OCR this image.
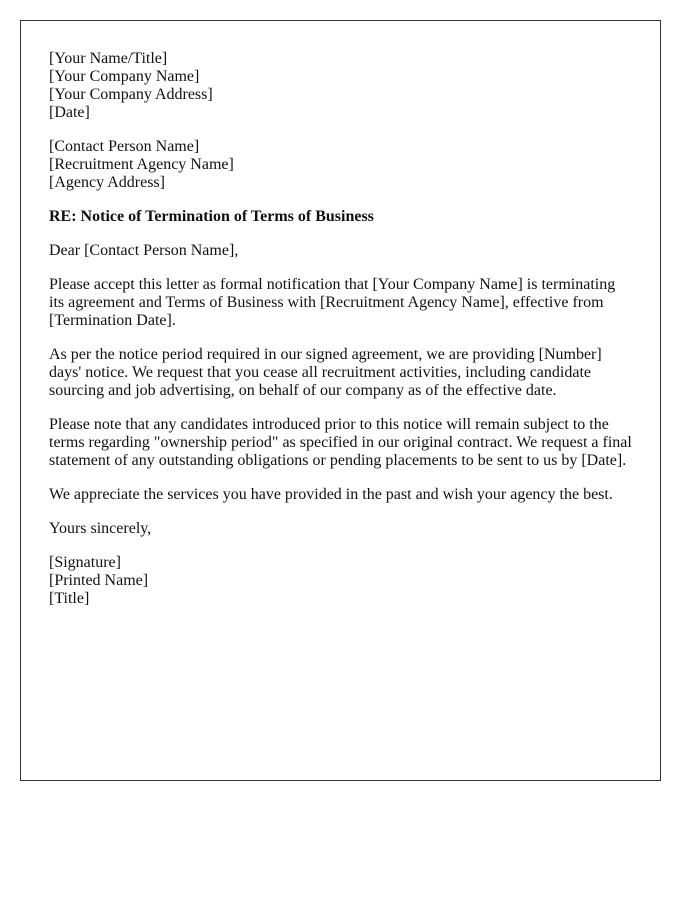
[Your Name/Title]
[Your Company Name]
[Your Company Address]
[Date]
[Contact Person Name]
[Recruitment Agency Name]
[Agency Address]

RE: Notice of Termination of Terms of Business

Dear [Contact Person Name],

Please accept this letter as formal notification that [Your Company Name] is terminating its agreement and Terms of Business with [Recruitment Agency Name], effective from [Termination Date].

As per the notice period required in our signed agreement, we are providing [Number] days' notice. We request that you cease all recruitment activities, including candidate sourcing and job advertising, on behalf of our company as of the effective date.

Please note that any candidates introduced prior to this notice will remain subject to the terms regarding "ownership period" as specified in our original contract. We request a final statement of any outstanding obligations or pending placements to be sent to us by [Date].

We appreciate the services you have provided in the past and wish your agency the best.

Yours sincerely,

[Signature]
[Printed Name]
[Title]
